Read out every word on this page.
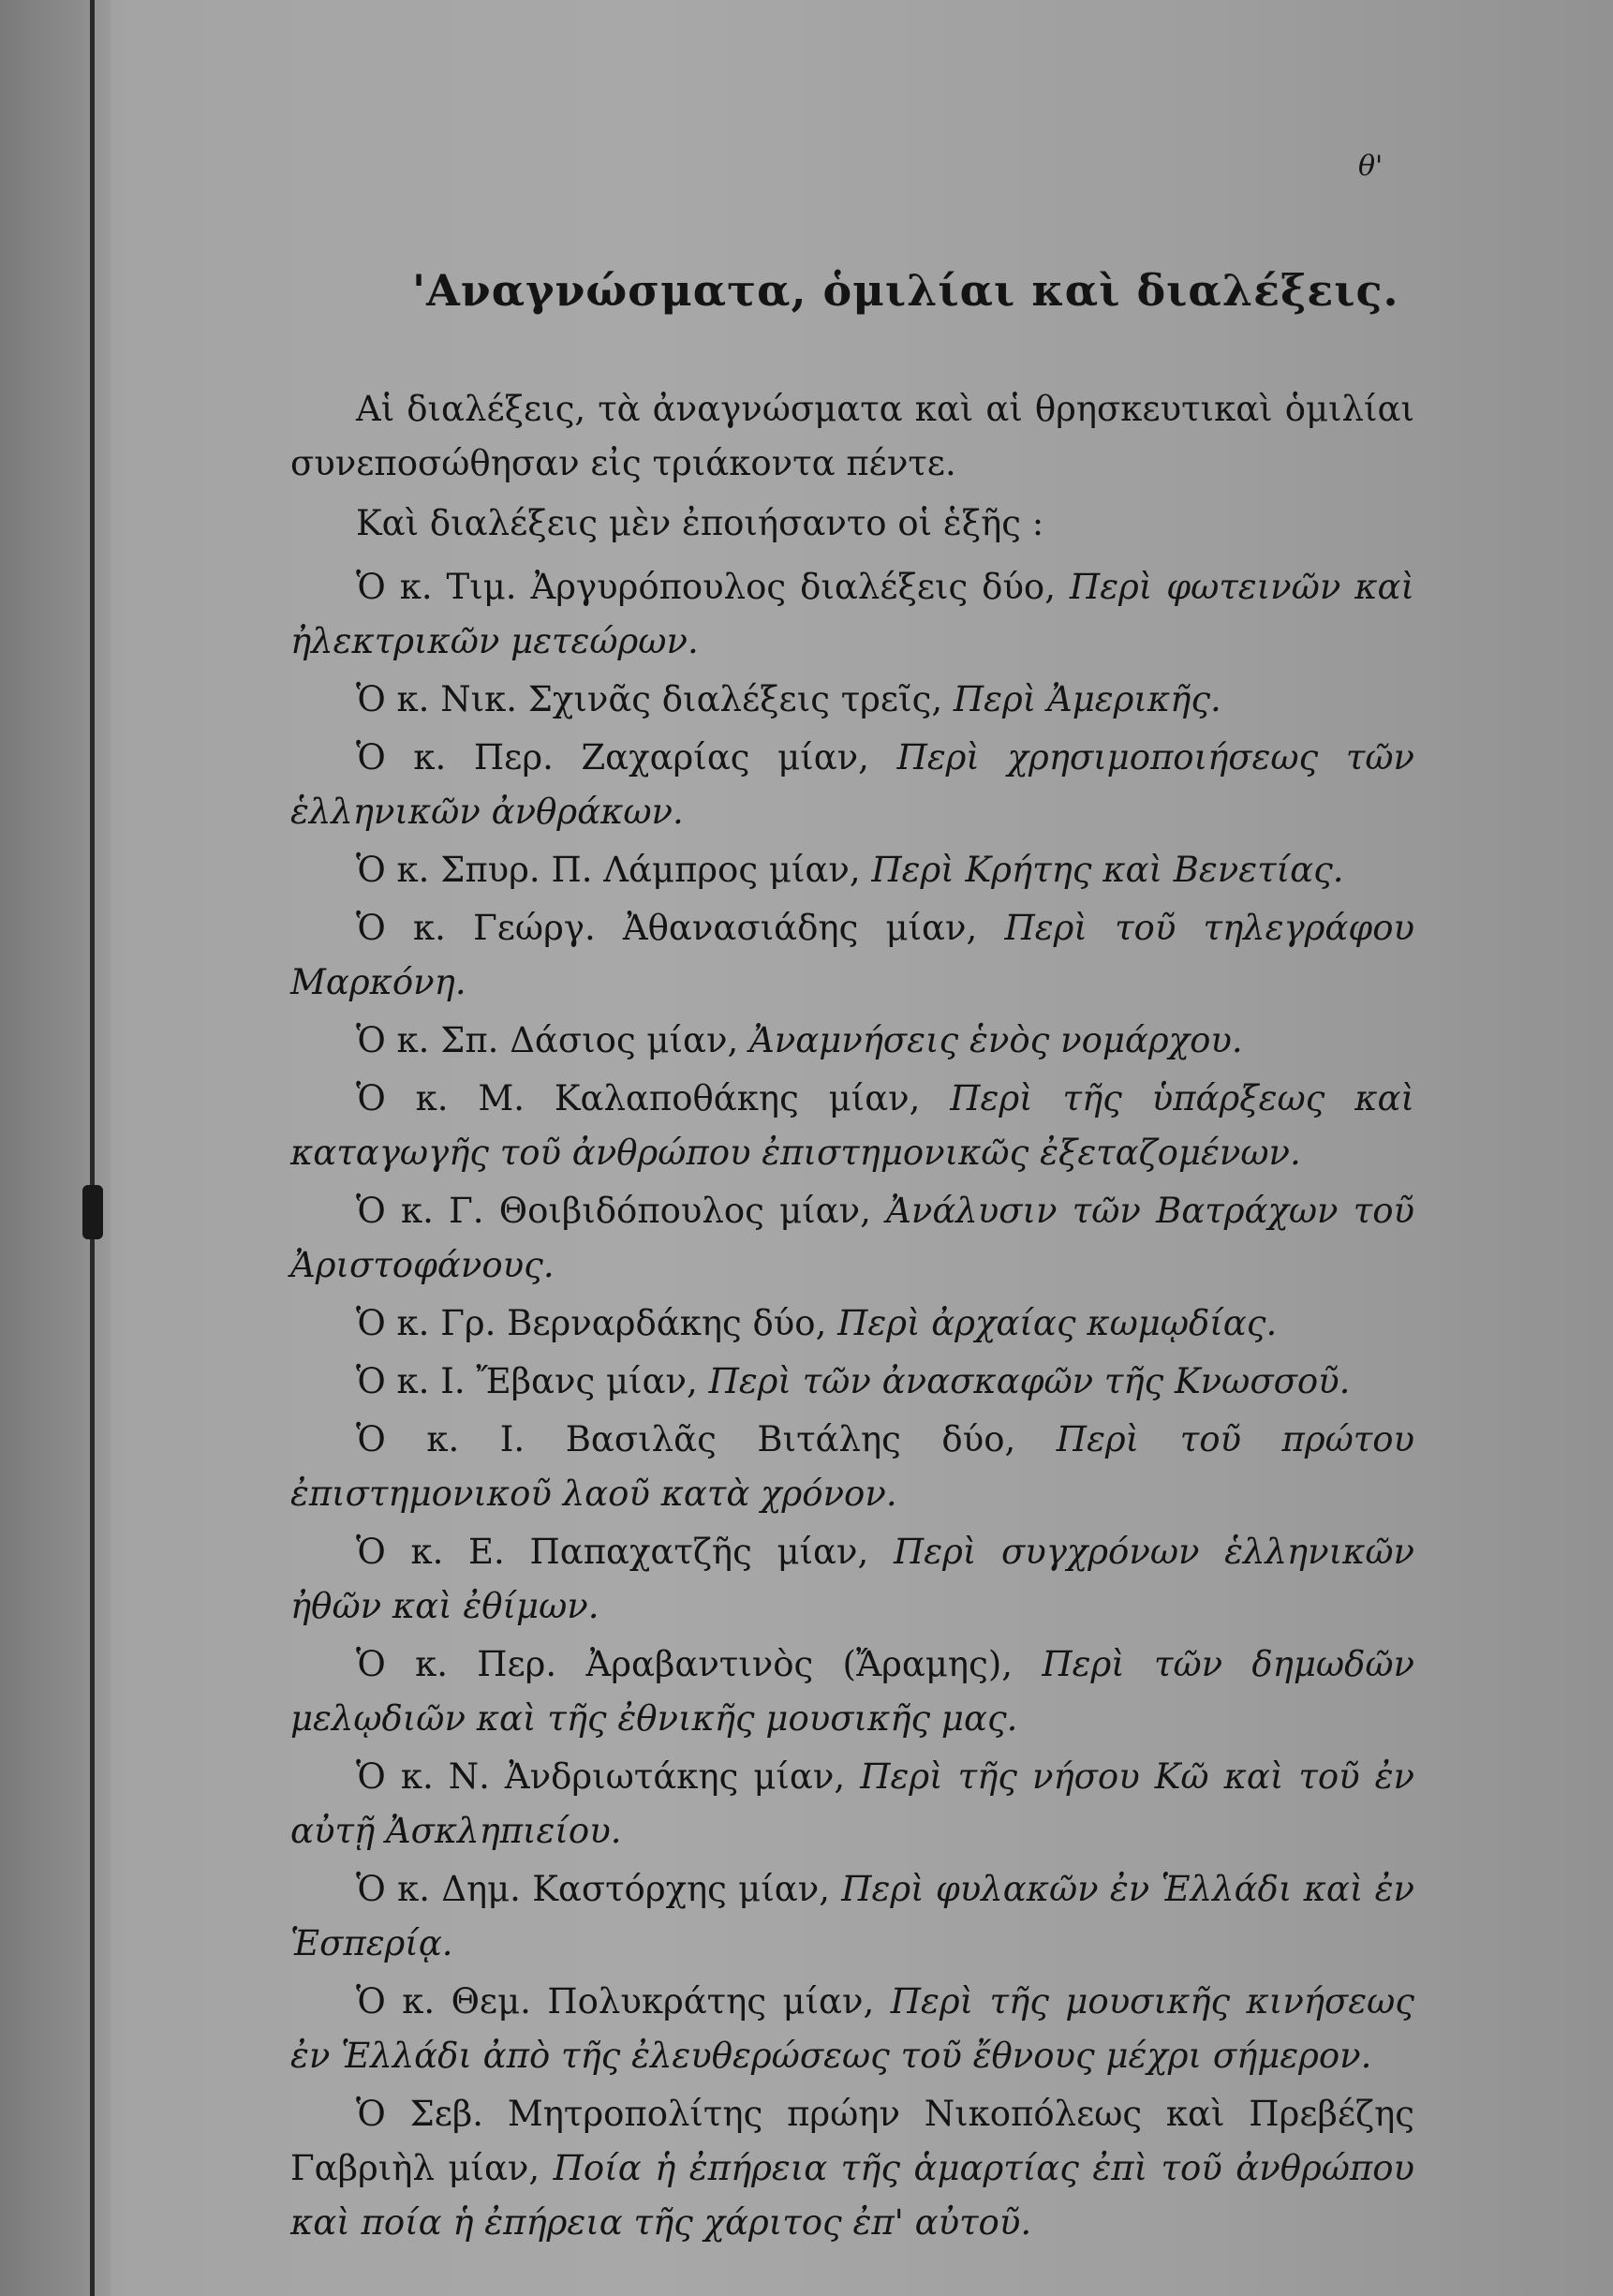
θ'
'Αναγνώσματα, ὁμιλίαι καὶ διαλέξεις.

Αἱ διαλέξεις, τὰ ἀναγνώσματα καὶ αἱ θρησκευτικαὶ ὁμιλίαι συνεποσώθησαν εἰς τριάκοντα πέντε.

Καὶ διαλέξεις μὲν ἐποιήσαντο οἱ ἑξῆς :

Ὁ κ. Τιμ. Ἀργυρόπουλος διαλέξεις δύο, Περὶ φωτεινῶν καὶ ἠλεκτρικῶν μετεώρων.

Ὁ κ. Νικ. Σχινᾶς διαλέξεις τρεῖς, Περὶ Ἀμερικῆς.

Ὁ κ. Περ. Ζαχαρίας μίαν, Περὶ χρησιμοποιήσεως τῶν ἑλληνικῶν ἀνθράκων.

Ὁ κ. Σπυρ. Π. Λάμπρος μίαν, Περὶ Κρήτης καὶ Βενετίας.

Ὁ κ. Γεώργ. Ἀθανασιάδης μίαν, Περὶ τοῦ τηλεγράφου Μαρκόνη.

Ὁ κ. Σπ. Δάσιος μίαν, Ἀναμνήσεις ἑνὸς νομάρχου.

Ὁ κ. Μ. Καλαποθάκης μίαν, Περὶ τῆς ὑπάρξεως καὶ καταγωγῆς τοῦ ἀνθρώπου ἐπιστημονικῶς ἐξεταζομένων.

Ὁ κ. Γ. Θοιβιδόπουλος μίαν, Ἀνάλυσιν τῶν Βατράχων τοῦ Ἀριστοφάνους.

Ὁ κ. Γρ. Βερναρδάκης δύο, Περὶ ἀρχαίας κωμῳδίας.

Ὁ κ. Ι. Ἔβανς μίαν, Περὶ τῶν ἀνασκαφῶν τῆς Κνωσσοῦ.

Ὁ κ. Ι. Βασιλᾶς Βιτάλης δύο, Περὶ τοῦ πρώτου ἐπιστημονικοῦ λαοῦ κατὰ χρόνον.

Ὁ κ. Ε. Παπαχατζῆς μίαν, Περὶ συγχρόνων ἑλληνικῶν ἠθῶν καὶ ἐθίμων.

Ὁ κ. Περ. Ἀραβαντινὸς (Ἄραμης), Περὶ τῶν δημωδῶν μελῳδιῶν καὶ τῆς ἐθνικῆς μουσικῆς μας.

Ὁ κ. Ν. Ἀνδριωτάκης μίαν, Περὶ τῆς νήσου Κῶ καὶ τοῦ ἐν αὐτῇ Ἀσκληπιείου.

Ὁ κ. Δημ. Καστόρχης μίαν, Περὶ φυλακῶν ἐν Ἑλλάδι καὶ ἐν Ἑσπερίᾳ.

Ὁ κ. Θεμ. Πολυκράτης μίαν, Περὶ τῆς μουσικῆς κινήσεως ἐν Ἑλλάδι ἀπὸ τῆς ἐλευθερώσεως τοῦ ἔθνους μέχρι σήμερον.

Ὁ Σεβ. Μητροπολίτης πρώην Νικοπόλεως καὶ Πρεβέζης Γαβριὴλ μίαν, Ποία ἡ ἐπήρεια τῆς ἁμαρτίας ἐπὶ τοῦ ἀνθρώπου καὶ ποία ἡ ἐπήρεια τῆς χάριτος ἐπ' αὐτοῦ.
